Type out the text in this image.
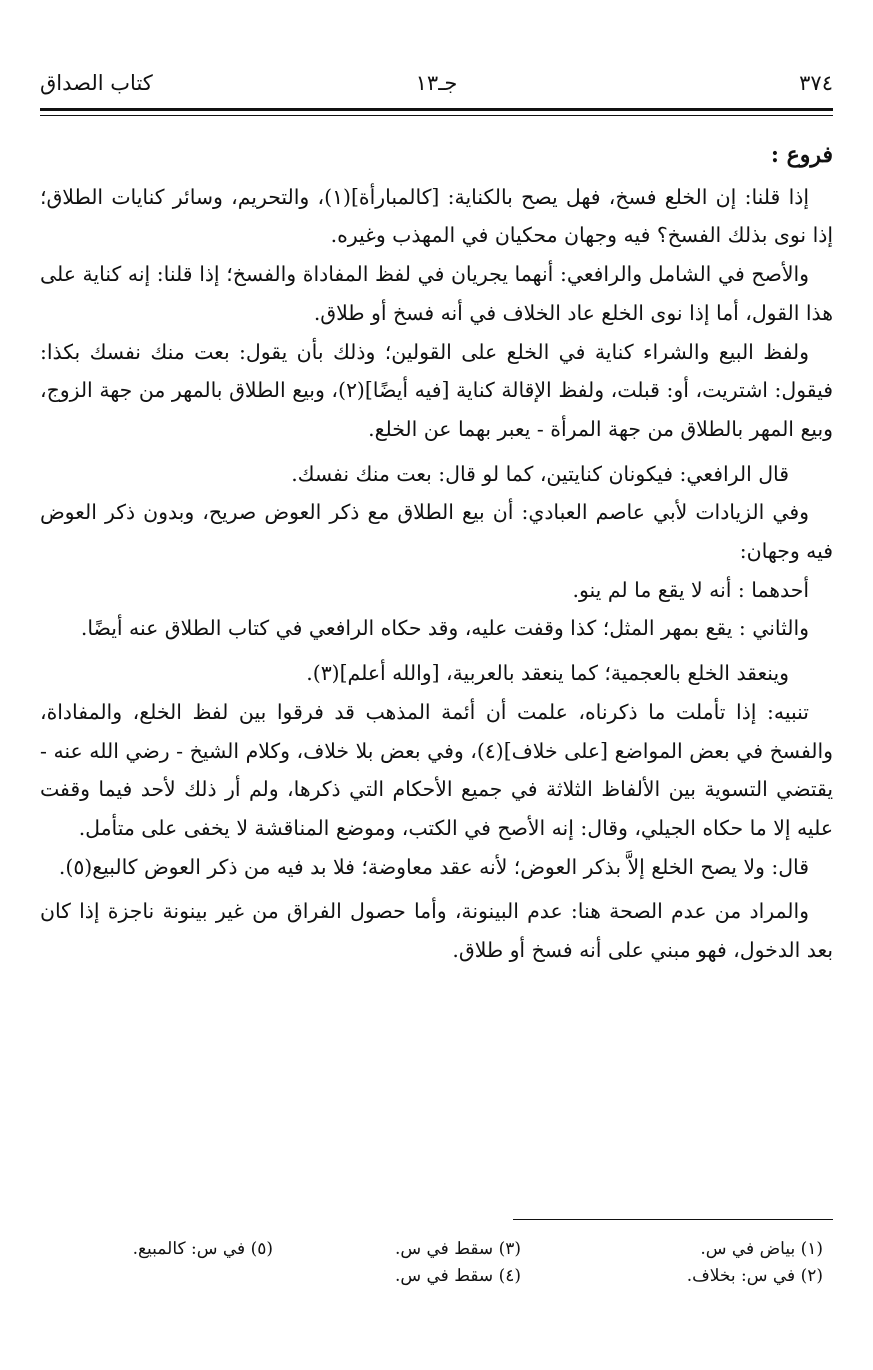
٣٧٤
جـ١٣
كتاب الصداق

فروع :

إذا قلنا: إن الخلع فسخ، فهل يصح بالكناية: [كالمبارأة](١)، والتحريم، وسائر كنايات الطلاق؛ إذا نوى بذلك الفسخ؟ فيه وجهان محكيان في المهذب وغيره.

والأصح في الشامل والرافعي: أنهما يجريان في لفظ المفاداة والفسخ؛ إذا قلنا: إنه كناية على هذا القول، أما إذا نوى الخلع عاد الخلاف في أنه فسخ أو طلاق.

ولفظ البيع والشراء كناية في الخلع على القولين؛ وذلك بأن يقول: بعت منك نفسك بكذا: فيقول: اشتريت، أو: قبلت، ولفظ الإقالة كناية [فيه أيضًا](٢)، وبيع الطلاق بالمهر من جهة الزوج، وبيع المهر بالطلاق من جهة المرأة - يعبر بهما عن الخلع.

قال الرافعي: فيكونان كنايتين، كما لو قال: بعت منك نفسك.

وفي الزيادات لأبي عاصم العبادي: أن بيع الطلاق مع ذكر العوض صريح، وبدون ذكر العوض فيه وجهان:

أحدهما : أنه لا يقع ما لم ينو.

والثاني : يقع بمهر المثل؛ كذا وقفت عليه، وقد حكاه الرافعي في كتاب الطلاق عنه أيضًا.

وينعقد الخلع بالعجمية؛ كما ينعقد بالعربية، [والله أعلم](٣).

تنبيه: إذا تأملت ما ذكرناه، علمت أن أئمة المذهب قد فرقوا بين لفظ الخلع، والمفاداة، والفسخ في بعض المواضع [على خلاف](٤)، وفي بعض بلا خلاف، وكلام الشيخ - رضي الله عنه - يقتضي التسوية بين الألفاظ الثلاثة في جميع الأحكام التي ذكرها، ولم أر ذلك لأحد فيما وقفت عليه إلا ما حكاه الجيلي، وقال: إنه الأصح في الكتب، وموضع المناقشة لا يخفى على متأمل.

قال: ولا يصح الخلع إلاَّ بذكر العوض؛ لأنه عقد معاوضة؛ فلا بد فيه من ذكر العوض كالبيع(٥).

والمراد من عدم الصحة هنا: عدم البينونة، وأما حصول الفراق من غير بينونة ناجزة إذا كان بعد الدخول، فهو مبني على أنه فسخ أو طلاق.

(١) بياض في س.
(٢) في س: بخلاف.
(٣) سقط في س.
(٤) سقط في س.
(٥) في س: كالمبيع.
